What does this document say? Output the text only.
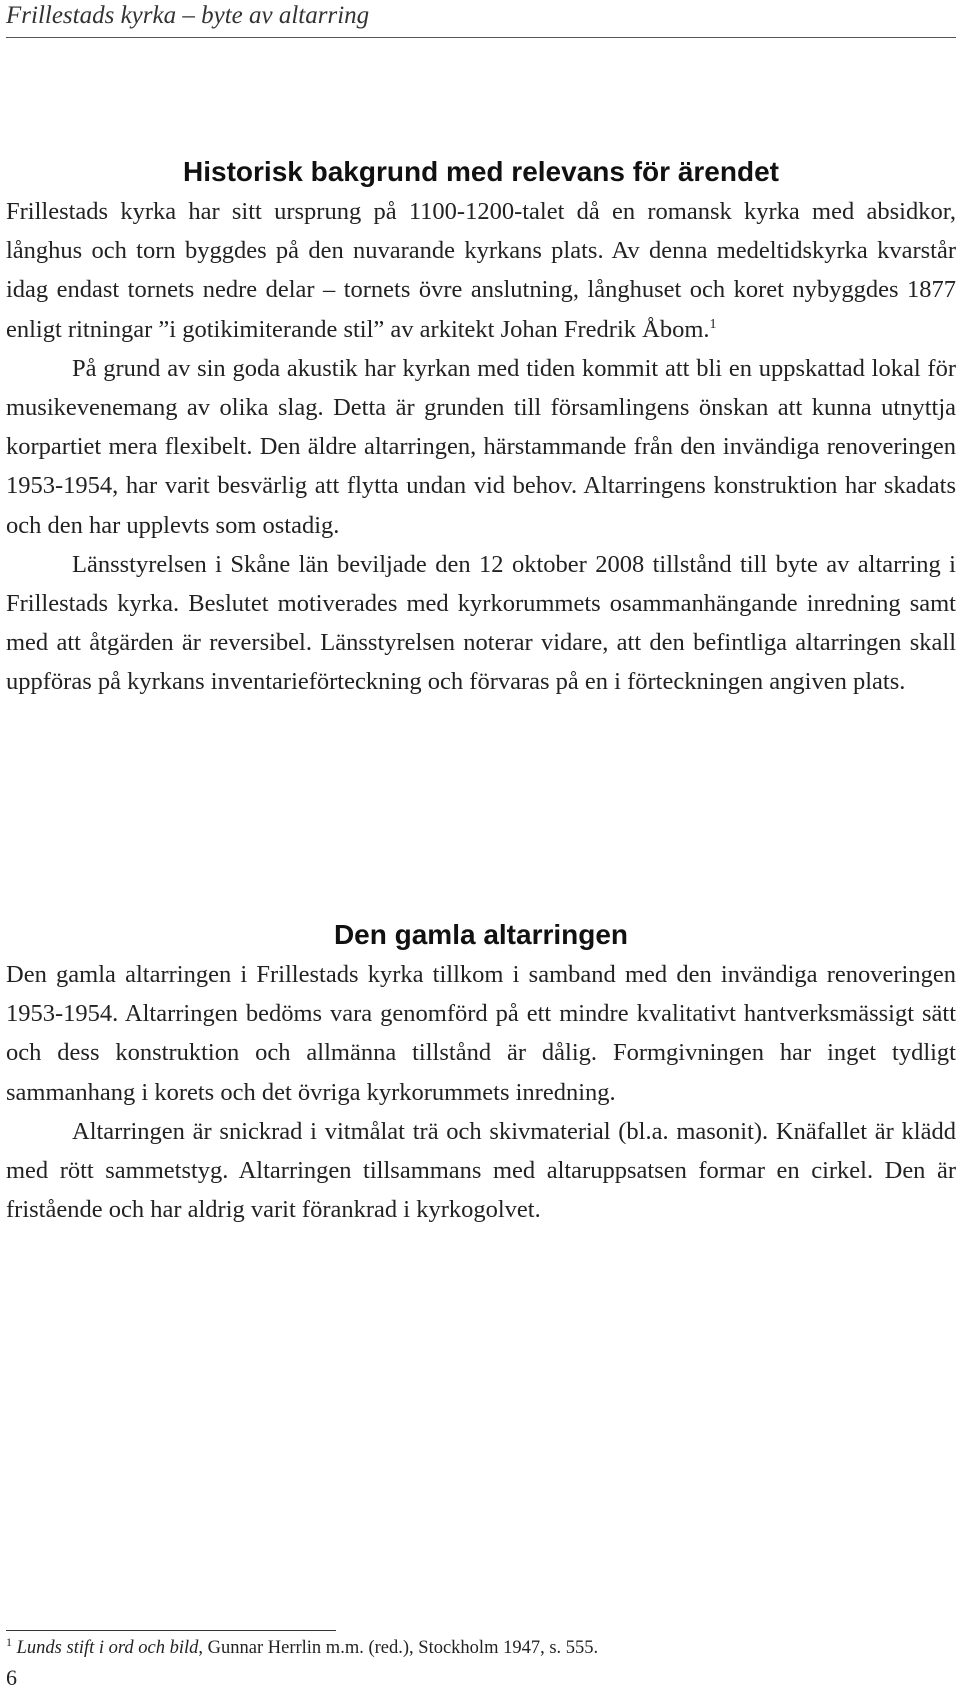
Frillestads kyrka – byte av altarring
Historisk bakgrund med relevans för ärendet

Frillestads kyrka har sitt ursprung på 1100-1200-talet då en romansk kyrka med absidkor, långhus och torn byggdes på den nuvarande kyrkans plats. Av denna medeltidskyrka kvarstår idag endast tornets nedre delar – tornets övre anslutning, långhuset och koret nybyggdes 1877 enligt ritningar ”i gotikimiterande stil” av arkitekt Johan Fredrik Åbom.$^1$

På grund av sin goda akustik har kyrkan med tiden kommit att bli en uppskattad lokal för musikevenemang av olika slag. Detta är grunden till församlingens önskan att kunna utnyttja korpartiet mera flexibelt. Den äldre altarringen, härstammande från den invändiga renoveringen 1953-1954, har varit besvärlig att flytta undan vid behov. Altarringens konstruktion har skadats och den har upplevts som ostadig.

Länsstyrelsen i Skåne län beviljade den 12 oktober 2008 tillstånd till byte av altarring i Frillestads kyrka. Beslutet motiverades med kyrkorummets osammanhängande inredning samt med att åtgärden är reversibel. Länsstyrelsen noterar vidare, att den befintliga altarringen skall uppföras på kyrkans inventarieförteckning och förvaras på en i förteckningen angiven plats.

Den gamla altarringen

Den gamla altarringen i Frillestads kyrka tillkom i samband med den invändiga renoveringen 1953-1954. Altarringen bedöms vara genomförd på ett mindre kvalitativt hantverksmässigt sätt och dess konstruktion och allmänna tillstånd är dålig. Formgivningen har inget tydligt sammanhang i korets och det övriga kyrkorummets inredning.

Altarringen är snickrad i vitmålat trä och skivmaterial (bl.a. masonit). Knäfallet är klädd med rött sammetstyg. Altarringen tillsammans med altaruppsatsen formar en cirkel. Den är fristående och har aldrig varit förankrad i kyrkogolvet.

$^1$ Lunds stift i ord och bild, Gunnar Herrlin m.m. (red.), Stockholm 1947, s. 555.
6
